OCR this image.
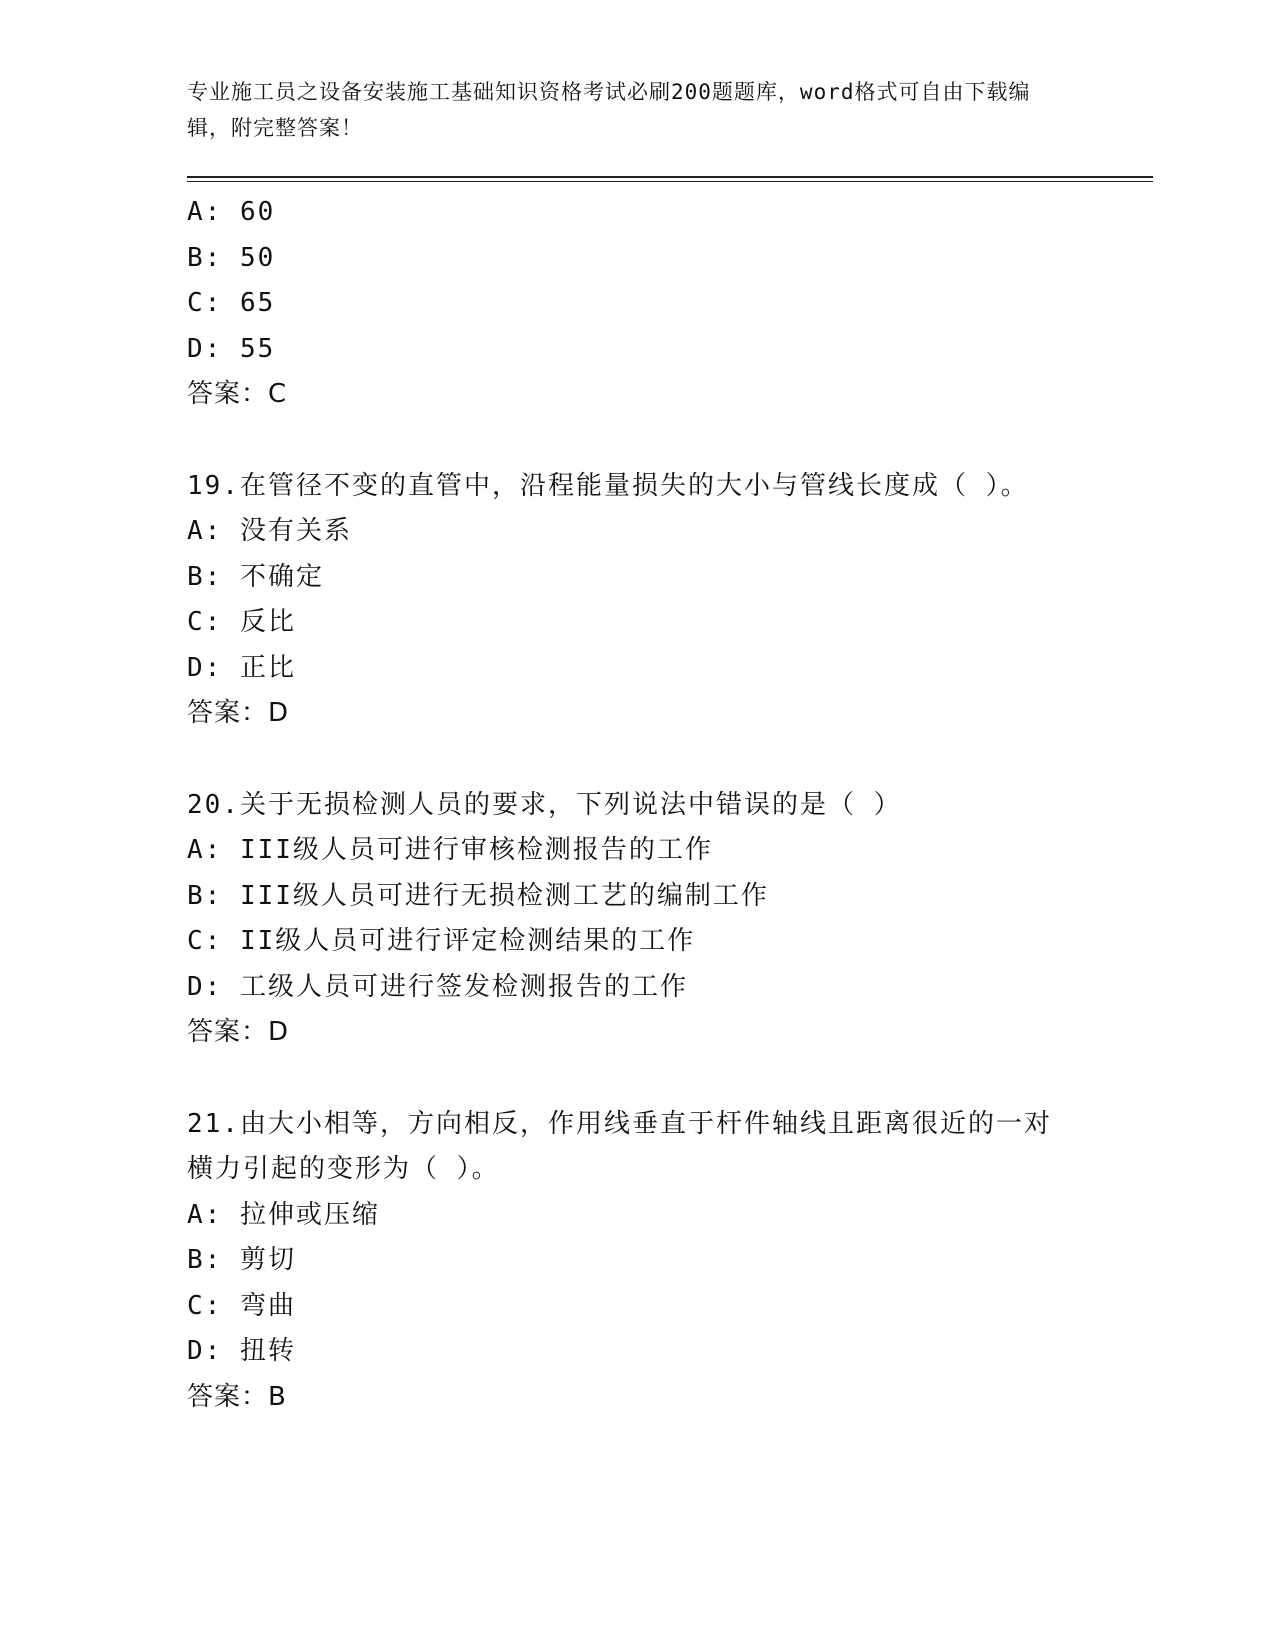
专业施工员之设备安装施工基础知识资格考试必刷200题题库，word格式可自由下载编辑，附完整答案！
A: 60
B: 50
C: 65
D: 55
答案：C
19.在管径不变的直管中，沿程能量损失的大小与管线长度成（ ）。
A: 没有关系
B: 不确定
C: 反比
D: 正比
答案：D
20.关于无损检测人员的要求，下列说法中错误的是（ ）
A: III级人员可进行审核检测报告的工作
B: III级人员可进行无损检测工艺的编制工作
C: II级人员可进行评定检测结果的工作
D: 工级人员可进行签发检测报告的工作
答案：D
21.由大小相等，方向相反，作用线垂直于杆件轴线且距离很近的一对横力引起的变形为（ ）。
A: 拉伸或压缩
B: 剪切
C: 弯曲
D: 扭转
答案：B
